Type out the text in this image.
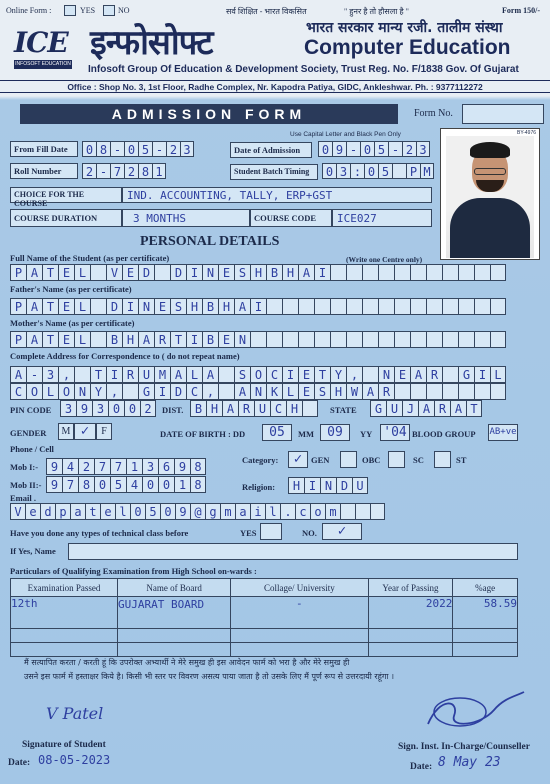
Online Form :	YES	NO	सर्व शिक्षित - भारत विकसित	" हुनर है तो हौसला है "	Form 150/-
ICE
INFOSOFT EDUCATION
इन्फोसोफ्ट	भारत सरकार मान्य रजी. तालीम संस्था
Computer Education
Infosoft Group Of Education & Development Society, Trust Reg. No. F/1838 Gov. Of Gujarat
Office : Shop No. 3, 1st Floor, Radhe Complex, Nr. Kapodra Patiya, GIDC, Ankleshwar. Ph. : 9377112272
ADMISSION FORM	Form No.
Use Capital Letter and Black Pen Only	BY-4976
From Fill Date	0 8 - 0 5 - 2 3	Date of Admission	0 9 - 0 5 - 2 3
Roll Number	2 - 7 2 8 1	Student Batch Timing	0 3 : 0 5	P M
CHOICE FOR THE COURSE
IND. ACCOUNTING, TALLY, ERP+GST
COURSE DURATION	3 MONTHS	COURSE CODE	ICE027
PERSONAL DETAILS
Full Name of the Student (as per certificate)	(Write one Centre only)
P A T E L	V E D	D I N E S H B H A I
Father's Name (as per certificate)
P A T E L	D I N E S H B H A I
Mother's Name (as per certificate)
P A T E L	B H A R T I B E N
Complete Address for Correspondence to ( do not repeat name)
A - 3 ,	T I R U M A L A	S O C I E T Y ,	N E A R	G I L
C O L O N Y ,	G I D C ,	A N K L E S H W A R
PIN CODE	3 9 3 0 0 2	DIST. B H A R U C H	STATE	G U J A R A T
GENDER	M ✓	F	DATE OF BIRTH : DD	05	MM	09	YY '04 BLOOD GROUP AB+ve
Phone / Cell
Mob I:-	9 4 2 7 7 1 3 6 9 8
Mob II:- 9 7 8 0 5 4 0 0 1 8
Category:	✓	GEN	OBC	SC	ST
Religion:	H I N D U
Email .
V e d p a t e l 0 5 0 9 @ g m a i l . c o m
Have you done any types of technical class before	YES	NO.	✓
If Yes, Name
Particulars of Qualifying Examination from High School on-wards :
Examination Passed	Name of Board	Collage/ University	Year of Passing	%age
12th	GUJARAT BOARD	-	2022	58.59

मैं सत्यापित करता / करती हूं कि उपरोक्त अभ्यार्थी ने मेरे समुख ही इस आवेदन फार्म को भरा है और मेरे समुख ही
उसने इस फार्म में हस्ताक्षर किये है। किसी भी स्तर पर विवरण असत्य पाया जाता है तो उसके लिए मैं पूर्ण रूप से उत्तरदायी रहूंगा ।
V Patel
Signature of Student
Date: 08-05-2023
Sign. Inst. In-Charge/Counseller
Date: 8 May 23
